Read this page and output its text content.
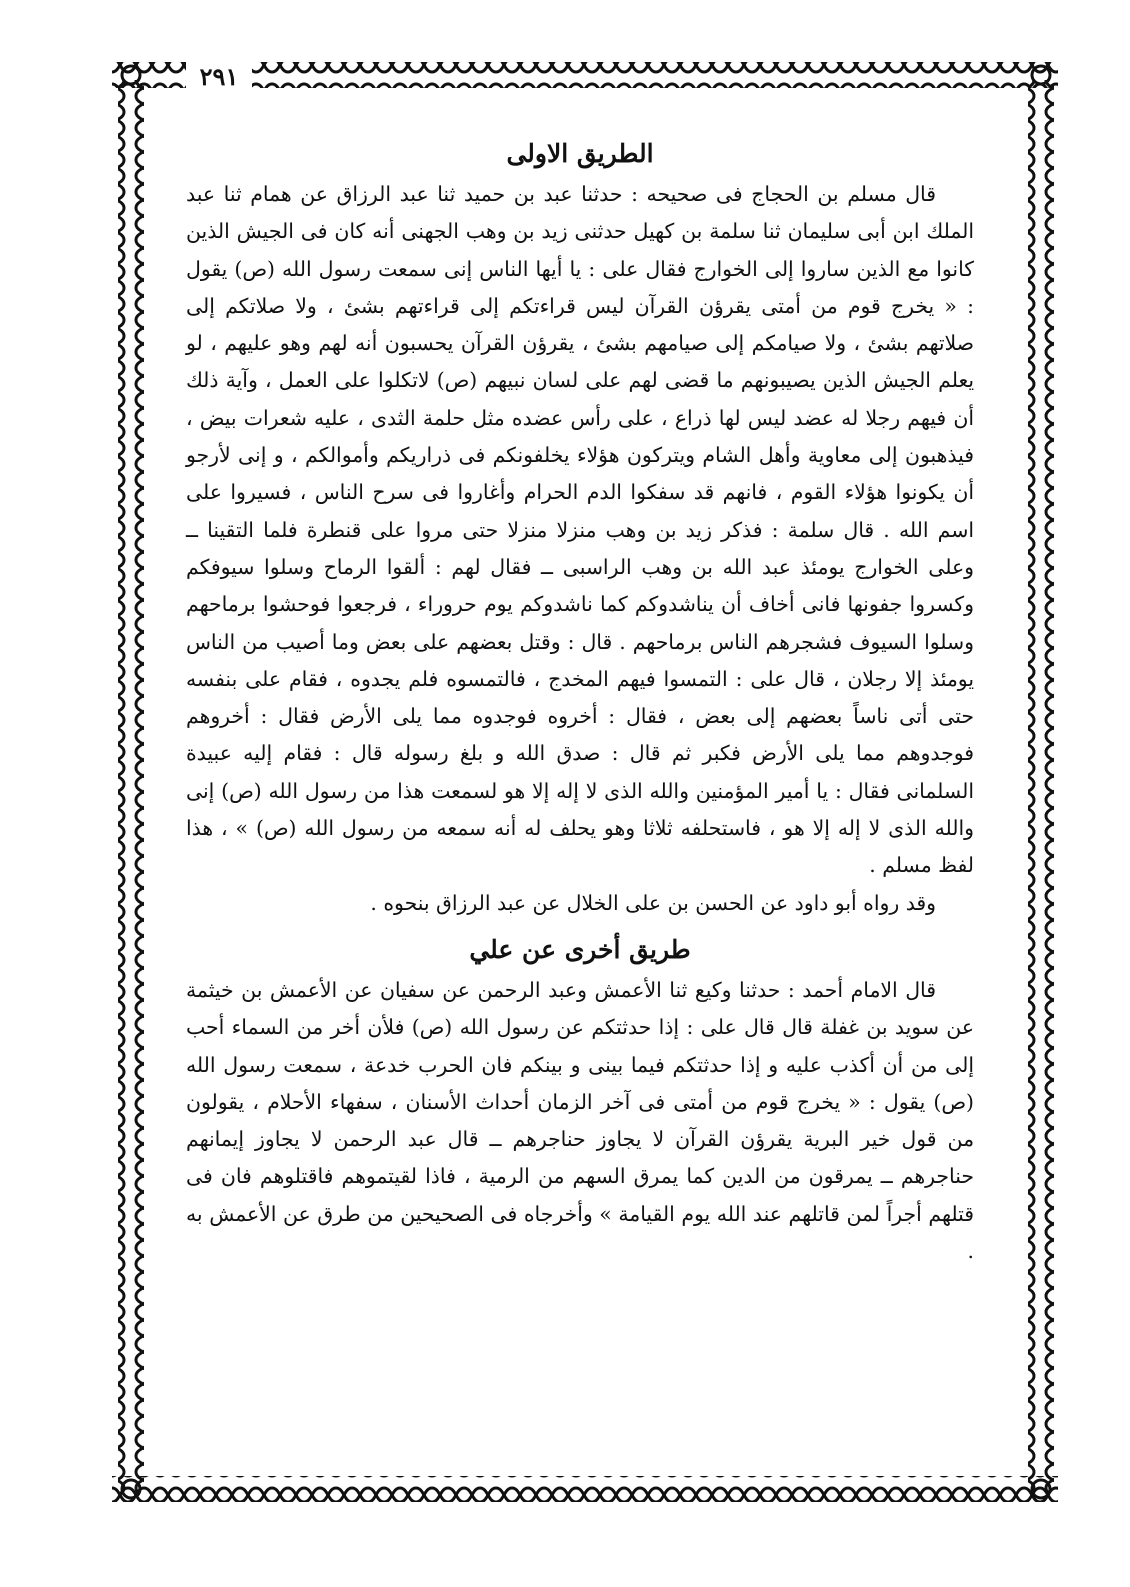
٢٩١
الطريق الاولى

قال مسلم بن الحجاج فى صحيحه : حدثنا عبد بن حميد ثنا عبد الرزاق عن همام ثنا عبد الملك ابن أبى سليمان ثنا سلمة بن كهيل حدثنى زيد بن وهب الجهنى أنه كان فى الجيش الذين كانوا مع الذين ساروا إلى الخوارج فقال على : يا أيها الناس إنى سمعت رسول الله (ص) يقول : « يخرج قوم من أمتى يقرؤن القرآن ليس قراءتكم إلى قراءتهم بشئ ، ولا صلاتكم إلى صلاتهم بشئ ، ولا صيامكم إلى صيامهم بشئ ، يقرؤن القرآن يحسبون أنه لهم وهو عليهم ، لو يعلم الجيش الذين يصيبونهم ما قضى لهم على لسان نبيهم (ص) لاتكلوا على العمل ، وآية ذلك أن فيهم رجلا له عضد ليس لها ذراع ، على رأس عضده مثل حلمة الثدى ، عليه شعرات بيض ، فيذهبون إلى معاوية وأهل الشام ويتركون هؤلاء يخلفونكم فى ذراريكم وأموالكم ، و إنى لأرجو أن يكونوا هؤلاء القوم ، فانهم قد سفكوا الدم الحرام وأغاروا فى سرح الناس ، فسيروا على اسم الله . قال سلمة : فذكر زيد بن وهب منزلا منزلا حتى مروا على قنطرة فلما التقينا ــ وعلى الخوارج يومئذ عبد الله بن وهب الراسبى ــ فقال لهم : ألقوا الرماح وسلوا سيوفكم وكسروا جفونها فانى أخاف أن يناشدوكم كما ناشدوكم يوم حروراء ، فرجعوا فوحشوا برماحهم وسلوا السيوف فشجرهم الناس برماحهم . قال : وقتل بعضهم على بعض وما أصيب من الناس يومئذ إلا رجلان ، قال على : التمسوا فيهم المخدج ، فالتمسوه فلم يجدوه ، فقام على بنفسه حتى أتى ناساً بعضهم إلى بعض ، فقال : أخروه فوجدوه مما يلى الأرض فقال : أخروهم فوجدوهم مما يلى الأرض فكبر ثم قال : صدق الله و بلغ رسوله قال : فقام إليه عبيدة السلمانى فقال : يا أمير المؤمنين والله الذى لا إله إلا هو لسمعت هذا من رسول الله (ص) إنى والله الذى لا إله إلا هو ، فاستحلفه ثلاثا وهو يحلف له أنه سمعه من رسول الله (ص) » ، هذا لفظ مسلم .

وقد رواه أبو داود عن الحسن بن على الخلال عن عبد الرزاق بنحوه .

طريق أخرى عن علي

قال الامام أحمد : حدثنا وكيع ثنا الأعمش وعبد الرحمن عن سفيان عن الأعمش بن خيثمة عن سويد بن غفلة قال قال على : إذا حدثتكم عن رسول الله (ص) فلأن أخر من السماء أحب إلى من أن أكذب عليه و إذا حدثتكم فيما بينى و بينكم فان الحرب خدعة ، سمعت رسول الله (ص) يقول : « يخرج قوم من أمتى فى آخر الزمان أحداث الأسنان ، سفهاء الأحلام ، يقولون من قول خير البرية يقرؤن القرآن لا يجاوز حناجرهم ــ قال عبد الرحمن لا يجاوز إيمانهم حناجرهم ــ يمرقون من الدين كما يمرق السهم من الرمية ، فاذا لقيتموهم فاقتلوهم فان فى قتلهم أجراً لمن قاتلهم عند الله يوم القيامة » وأخرجاه فى الصحيحين من طرق عن الأعمش به .
